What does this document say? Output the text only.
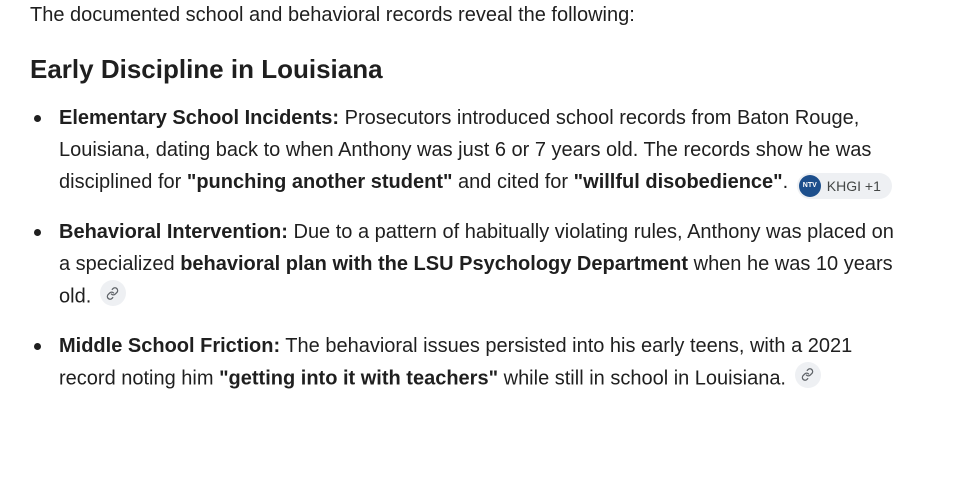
The documented school and behavioral records reveal the following:

Early Discipline in Louisiana
Elementary School Incidents: Prosecutors introduced school records from Baton Rouge, Louisiana, dating back to when Anthony was just 6 or 7 years old. The records show he was disciplined for "punching another student" and cited for "willful disobedience".	NTV KHGI +1
Behavioral Intervention: Due to a pattern of habitually violating rules, Anthony was placed on a specialized behavioral plan with the LSU Psychology Department when he was 10 years old.
Middle School Friction: The behavioral issues persisted into his early teens, with a 2021 record noting him "getting into it with teachers" while still in school in Louisiana.
